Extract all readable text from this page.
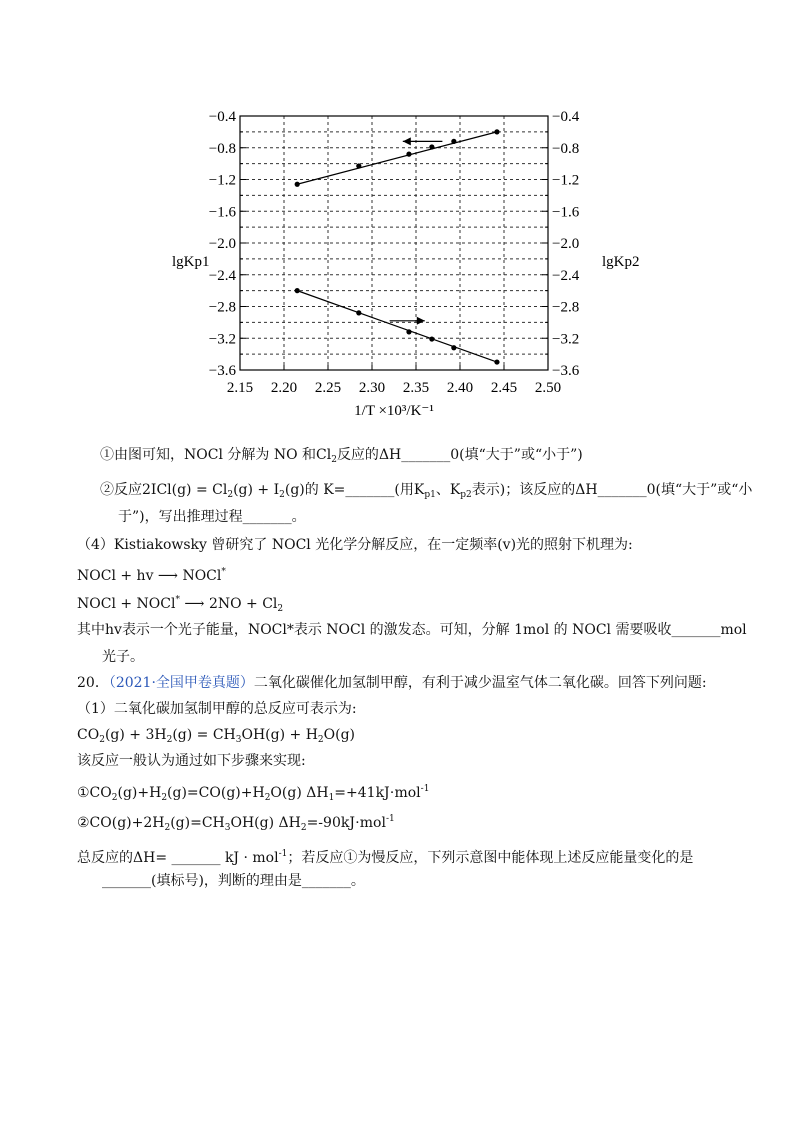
2.15 2.20 2.25 2.30 2.35 2.40 2.45 2.50
−0.4	−0.4
−0.8	−0.8
−1.2	−1.2
−1.6	−1.6
−2.0	−2.0
−2.4	−2.4
−2.8	−2.8
−3.2	−3.2
−3.6	−3.6
lgKp1	lgKp2
1/T ×10³/K⁻¹
①由图可知，NOCl 分解为 NO 和$Cl_2$反应的ΔH_______0(填“大于”或“小于”)
②反应$2ICl(g) = Cl_2(g) + I_2(g)$的 K=_______(用$K_{p1}$、$K_{p2}$表示)；该反应的ΔH_______0(填“大于”或“小
于”)，写出推理过程_______。
（4）Kistiakowsky 曾研究了 NOCl 光化学分解反应，在一定频率(v)光的照射下机理为:
NOCl + hv ⟶ NOCl*
NOCl + NOCl* ⟶ $2NO + Cl_2$
其中hv表示一个光子能量，NOCl*表示 NOCl 的激发态。可知，分解 1mol 的 NOCl 需要吸收_______mol
光子。
20．（2021·全国甲卷真题）二氧化碳催化加氢制甲醇，有利于减少温室气体二氧化碳。回答下列问题:
（1）二氧化碳加氢制甲醇的总反应可表示为:
$CO_2(g) + 3H_2(g) = CH_3OH(g) + H_2O(g)$
该反应一般认为通过如下步骤来实现:
$①CO_2(g)+H_2(g)=CO(g)+H_2O(g)$ $\Delta H_1=+41kJ\cdot mol^{-1}$
$②CO(g)+2H_2(g)=CH_3OH(g)$ $\Delta H_2=-90kJ\cdot mol^{-1}$
总反应的ΔH= _______ kJ · mol$^{-1}$；若反应①为慢反应，下列示意图中能体现上述反应能量变化的是
_______(填标号)，判断的理由是_______。
